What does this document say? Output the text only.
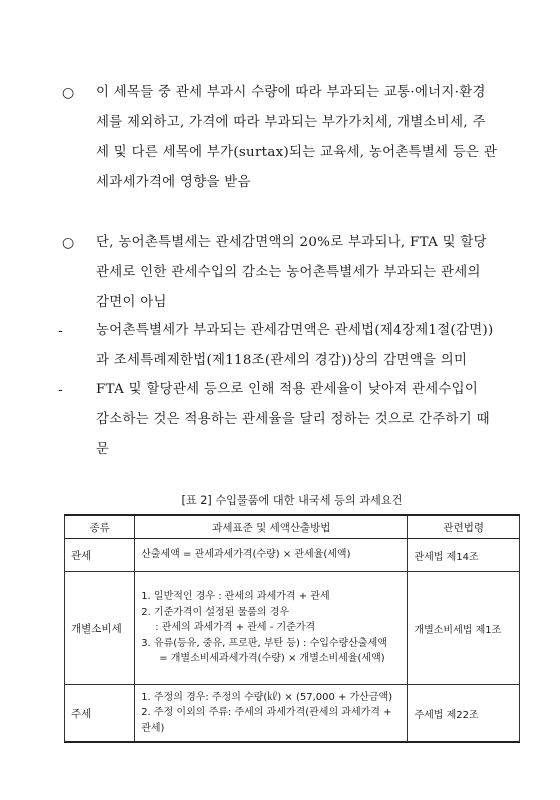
○ 이 세목들 중 관세 부과시 수량에 따라 부과되는 교통·에너지·환경
세를 제외하고, 가격에 따라 부과되는 부가가치세, 개별소비세, 주
세 및 다른 세목에 부가(surtax)되는 교육세, 농어촌특별세 등은 관
세과세가격에 영향을 받음
○ 단, 농어촌특별세는 관세감면액의 20%로 부과되나, FTA 및 할당
관세로 인한 관세수입의 감소는 농어촌특별세가 부과되는 관세의
감면이 아님
- 농어촌특별세가 부과되는 관세감면액은 관세법(제4장제1절(감면))
과 조세특례제한법(제118조(관세의 경감))상의 감면액을 의미
- FTA 및 할당관세 등으로 인해 적용 관세율이 낮아져 관세수입이
감소하는 것은 적용하는 관세율을 달리 정하는 것으로 간주하기 때
문
[표 2] 수입물품에 대한 내국세 등의 과세요건
종류	과세표준 및 세액산출방법	관련법령
관세	산출세액 = 관세과세가격(수량) × 관세율(세액)	관세법 제14조
개별소비세	1. 일반적인 경우 : 관세의 과세가격 + 관세
2. 기준가격이 설정된 물품의 경우
: 관세의 과세가격 + 관세 - 기준가격
3. 유류(등유, 중유, 프로판, 부탄 등) : 수입수량산출세액
= 개별소비세과세가격(수량) × 개별소비세율(세액)	개별소비세법 제1조
주세	1. 주정의 경우: 주정의 수량(㎘) × (57,000 + 가산금액)
2. 주정 이외의 주류: 주세의 과세가격(관세의 과세가격 + 관세)	주세법 제22조
